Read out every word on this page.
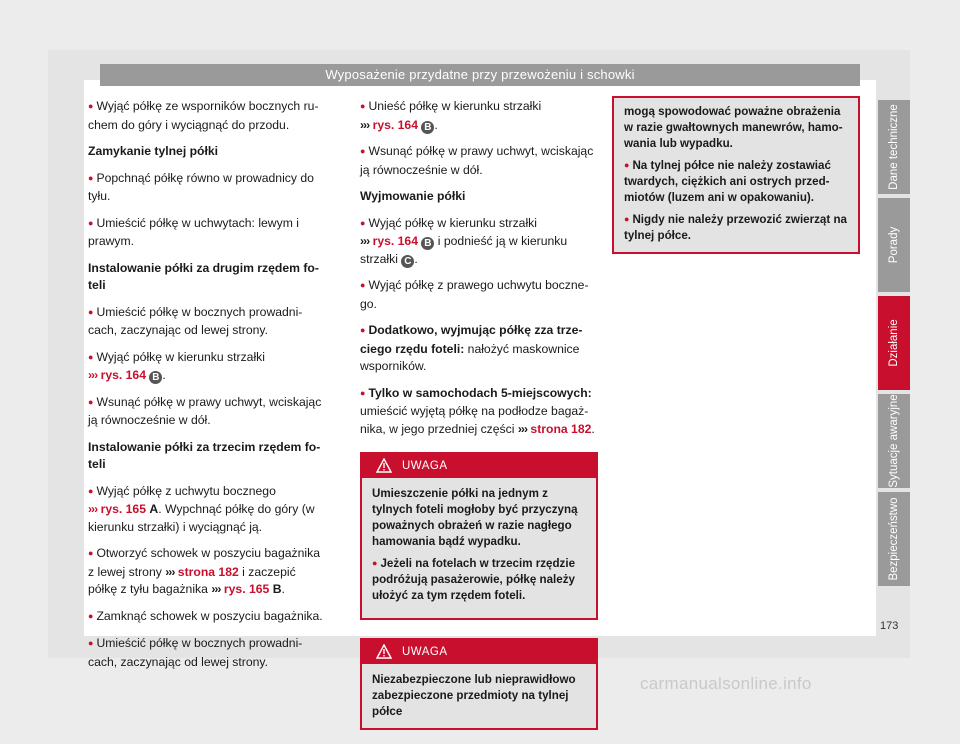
Wyposażenie przydatne przy przewożeniu i schowki

● Wyjąć półkę ze wsporników bocznych ruchem do góry i wyciągnąć do przodu.

Zamykanie tylnej półki

● Popchnąć półkę równo w prowadnicy do tyłu.

● Umieścić półkę w uchwytach: lewym i prawym.

Instalowanie półki za drugim rzędem foteli

● Umieścić półkę w bocznych prowadnicach, zaczynając od lewej strony.

● Wyjąć półkę w kierunku strzałki
››› rys. 164 B .

● Wsunąć półkę w prawy uchwyt, wciskając ją równocześnie w dół.

Instalowanie półki za trzecim rzędem foteli

● Wyjąć półkę z uchwytu bocznego
››› rys. 165 A. Wypchnąć półkę do góry (w kierunku strzałki) i wyciągnąć ją.

● Otworzyć schowek w poszyciu bagażnika z lewej strony ››› strona 182 i zaczepić półkę z tyłu bagażnika ››› rys. 165 B.

● Zamknąć schowek w poszyciu bagażnika.

● Umieścić półkę w bocznych prowadnicach, zaczynając od lewej strony.

● Unieść półkę w kierunku strzałki
››› rys. 164 B .

● Wsunąć półkę w prawy uchwyt, wciskając ją równocześnie w dół.

Wyjmowanie półki

● Wyjąć półkę w kierunku strzałki
››› rys. 164 B i podnieść ją w kierunku strzałki C .

● Wyjąć półkę z prawego uchwytu bocznego.

● Dodatkowo, wyjmując półkę zza trzeciego rzędu foteli: nałożyć maskownice wsporników.

● Tylko w samochodach 5-miejscowych: umieścić wyjętą półkę na podłodze bagażnika, w jego przedniej części ››› strona 182.

UWAGA

Umieszczenie półki na jednym z tylnych foteli mogłoby być przyczyną poważnych obrażeń w razie nagłego hamowania bądź wypadku.

● Jeżeli na fotelach w trzecim rzędzie podróżują pasażerowie, półkę należy ułożyć za tym rzędem foteli.

UWAGA

Niezabezpieczone lub nieprawidłowo zabezpieczone przedmioty na tylnej półce

mogą spowodować poważne obrażenia w razie gwałtownych manewrów, hamowania lub wypadku.

● Na tylnej półce nie należy zostawiać twardych, ciężkich ani ostrych przedmiotów (luzem ani w opakowaniu).

● Nigdy nie należy przewozić zwierząt na tylnej półce.

Dane techniczne
Porady
Działanie
Sytuacje awaryjne
Bezpieczeństwo
173
carmanualsonline.info
